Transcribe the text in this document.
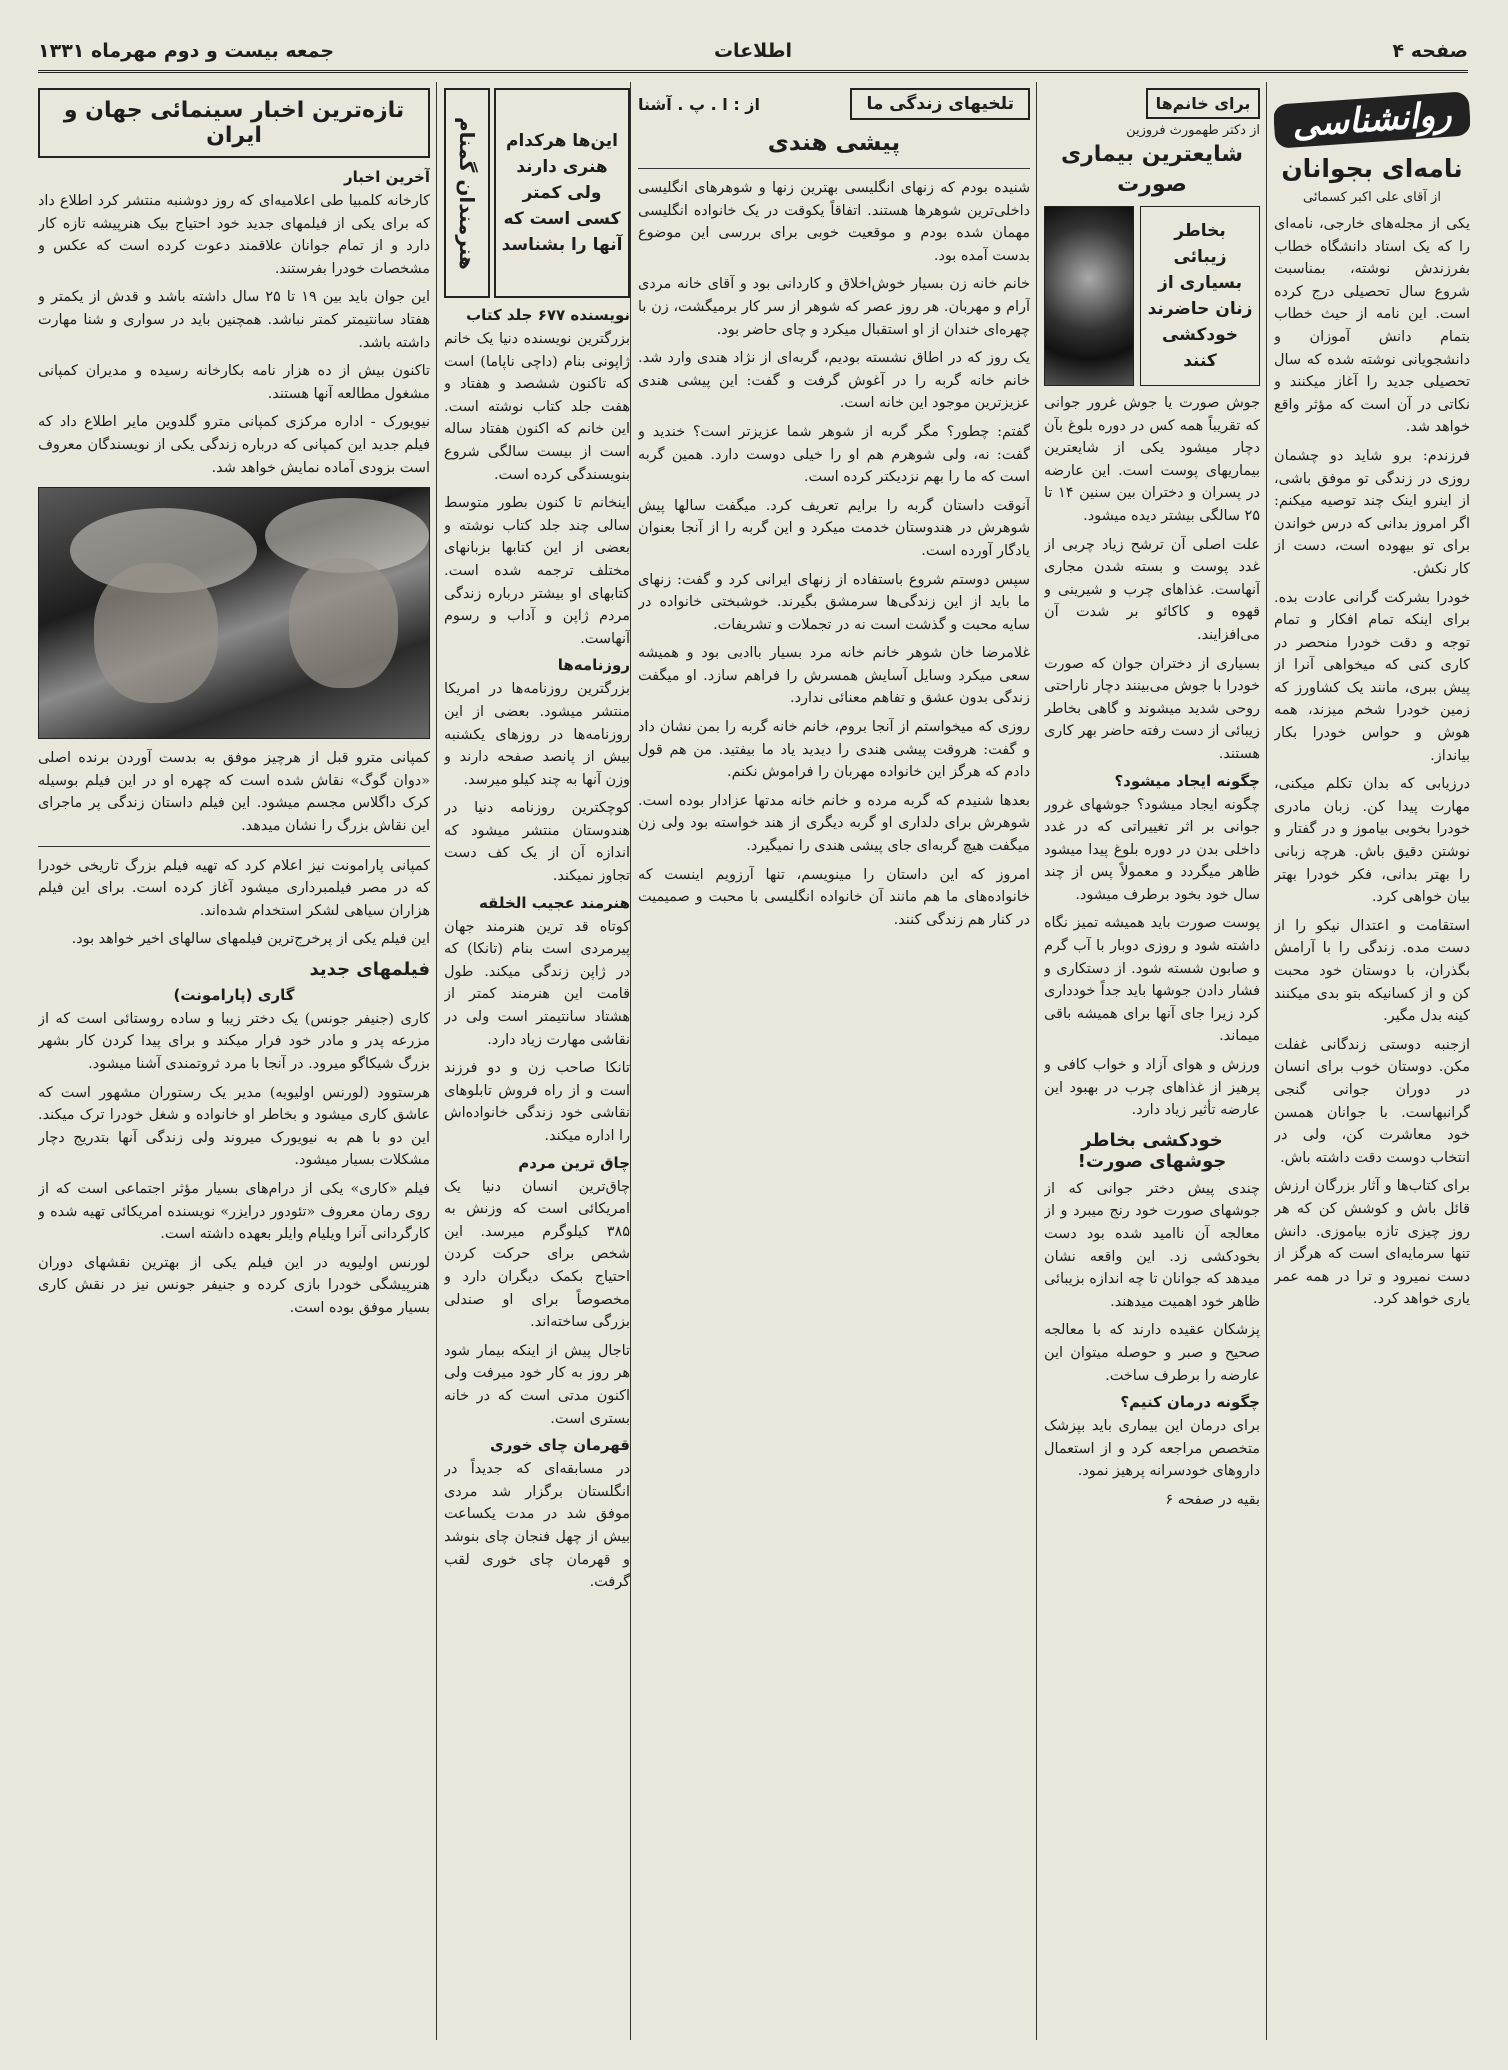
صفحه ۴
اطلاعات
جمعه بیست و دوم مهرماه ۱۳۳۱
روانشناسی
نامه‌ای بجوانان
از آقای علی اکبر کسمائی

یکی از مجله‌های خارجی، نامه‌ای را که یک استاد دانشگاه خطاب بفرزندش نوشته، بمناسبت شروع سال تحصیلی درج کرده است. این نامه از حیث خطاب بتمام دانش آموزان و دانشجویانی نوشته شده که سال تحصیلی جدید را آغاز میکنند و نکاتی در آن است که مؤثر واقع خواهد شد.

فرزندم: برو شاید دو چشمان روزی در زندگی تو موفق باشی، از اینرو اینک چند توصیه میکنم: اگر امروز بدانی که درس خواندن برای تو بیهوده است، دست از کار نکش.

خودرا بشرکت گرانی عادت بده. برای اینکه تمام افکار و تمام توجه و دقت خودرا منحصر در کاری کنی که میخواهی آنرا از پیش ببری، مانند یک کشاورز که زمین خودرا شخم میزند، همه هوش و حواس خودرا بکار بیانداز.

درزیابی که بدان تکلم میکنی، مهارت پیدا کن. زبان مادری خودرا بخوبی بیاموز و در گفتار و نوشتن دقیق باش. هرچه زبانی را بهتر بدانی، فکر خودرا بهتر بیان خواهی کرد.

استقامت و اعتدال نیکو را از دست مده. زندگی را با آرامش بگذران، با دوستان خود محبت کن و از کسانیکه بتو بدی میکنند کینه بدل مگیر.

ازجنبه دوستی زندگانی غفلت مکن. دوستان خوب برای انسان در دوران جوانی گنجی گرانبهاست. با جوانان همسن خود معاشرت کن، ولی در انتخاب دوست دقت داشته باش.

برای کتاب‌ها و آثار بزرگان ارزش قائل باش و کوشش کن که هر روز چیزی تازه بیاموزی. دانش تنها سرمایه‌ای است که هرگز از دست نمیرود و ترا در همه عمر یاری خواهد کرد.

برای خانم‌ها
از دکتر طهمورث فروزین
شایعترین بیماری صورت
بخاطر زیبائی بسیاری از زنان حاضرند خودکشی کنند

جوش صورت یا جوش غرور جوانی که تقریباً همه کس در دوره بلوغ بآن دچار میشود یکی از شایعترین بیماریهای پوست است. این عارضه در پسران و دختران بین سنین ۱۴ تا ۲۵ سالگی بیشتر دیده میشود.

علت اصلی آن ترشح زیاد چربی از غدد پوست و بسته شدن مجاری آنهاست. غذاهای چرب و شیرینی و قهوه و کاکائو بر شدت آن می‌افزایند.

بسیاری از دختران جوان که صورت خودرا با جوش می‌بینند دچار ناراحتی روحی شدید میشوند و گاهی بخاطر زیبائی از دست رفته حاضر بهر کاری هستند.

چگونه ایجاد میشود؟

چگونه ایجاد میشود؟ جوشهای غرور جوانی بر اثر تغییراتی که در غدد داخلی بدن در دوره بلوغ پیدا میشود ظاهر میگردد و معمولاً پس از چند سال خود بخود برطرف میشود.

پوست صورت باید همیشه تمیز نگاه داشته شود و روزی دوبار با آب گرم و صابون شسته شود. از دستکاری و فشار دادن جوشها باید جداً خودداری کرد زیرا جای آنها برای همیشه باقی میماند.

ورزش و هوای آزاد و خواب کافی و پرهیز از غذاهای چرب در بهبود این عارضه تأثیر زیاد دارد.

خودکشی بخاطر جوشهای صورت!

چندی پیش دختر جوانی که از جوشهای صورت خود رنج میبرد و از معالجه آن ناامید شده بود دست بخودکشی زد. این واقعه نشان میدهد که جوانان تا چه اندازه بزیبائی ظاهر خود اهمیت میدهند.

پزشکان عقیده دارند که با معالجه صحیح و صبر و حوصله میتوان این عارضه را برطرف ساخت.

چگونه درمان کنیم؟

برای درمان این بیماری باید بپزشک متخصص مراجعه کرد و از استعمال داروهای خودسرانه پرهیز نمود.

بقیه در صفحه ۶

تلخیهای زندگی ما
از : ا . پ . آشنا
پیشی هندی

شنیده بودم که زنهای انگلیسی بهترین زنها و شوهرهای انگلیسی داخلی‌ترین شوهرها هستند. اتفاقاً یکوقت در یک خانواده انگلیسی مهمان شده بودم و موقعیت خوبی برای بررسی این موضوع بدست آمده بود.

خانم خانه زن بسیار خوش‌اخلاق و کاردانی بود و آقای خانه مردی آرام و مهربان. هر روز عصر که شوهر از سر کار برمیگشت، زن با چهره‌ای خندان از او استقبال میکرد و چای حاضر بود.

یک روز که در اطاق نشسته بودیم، گربه‌ای از نژاد هندی وارد شد. خانم خانه گربه را در آغوش گرفت و گفت: این پیشی هندی عزیزترین موجود این خانه است.

گفتم: چطور؟ مگر گربه از شوهر شما عزیزتر است؟ خندید و گفت: نه، ولی شوهرم هم او را خیلی دوست دارد. همین گربه است که ما را بهم نزدیکتر کرده است.

آنوقت داستان گربه را برایم تعریف کرد. میگفت سالها پیش شوهرش در هندوستان خدمت میکرد و این گربه را از آنجا بعنوان یادگار آورده است.

سپس دوستم شروع باستفاده از زنهای ایرانی کرد و گفت: زنهای ما باید از این زندگی‌ها سرمشق بگیرند. خوشبختی خانواده در سایه محبت و گذشت است نه در تجملات و تشریفات.

غلامرضا خان شوهر خانم خانه مرد بسیار باادبی بود و همیشه سعی میکرد وسایل آسایش همسرش را فراهم سازد. او میگفت زندگی بدون عشق و تفاهم معنائی ندارد.

روزی که میخواستم از آنجا بروم، خانم خانه گربه را بمن نشان داد و گفت: هروقت پیشی هندی را دیدید یاد ما بیفتید. من هم قول دادم که هرگز این خانواده مهربان را فراموش نکنم.

بعدها شنیدم که گربه مرده و خانم خانه مدتها عزادار بوده است. شوهرش برای دلداری او گربه دیگری از هند خواسته بود ولی زن میگفت هیچ گربه‌ای جای پیشی هندی را نمیگیرد.

امروز که این داستان را مینویسم، تنها آرزویم اینست که خانواده‌های ما هم مانند آن خانواده انگلیسی با محبت و صمیمیت در کنار هم زندگی کنند.

این‌ها هرکدام هنری دارند ولی کمتر کسی است که آنها را بشناسد
هنرمندان گمنام
نویسنده ۶۷۷ جلد کتاب

بزرگترین نویسنده دنیا یک خانم ژاپونی بنام (داچی ناپاما) است که تاکنون ششصد و هفتاد و هفت جلد کتاب نوشته است. این خانم که اکنون هفتاد ساله است از بیست سالگی شروع بنویسندگی کرده است.

اینخانم تا کنون بطور متوسط سالی چند جلد کتاب نوشته و بعضی از این کتابها بزبانهای مختلف ترجمه شده است. کتابهای او بیشتر درباره زندگی مردم ژاپن و آداب و رسوم آنهاست.

روزنامه‌ها

بزرگترین روزنامه‌ها در امریکا منتشر میشود. بعضی از این روزنامه‌ها در روزهای یکشنبه بیش از پانصد صفحه دارند و وزن آنها به چند کیلو میرسد.

کوچکترین روزنامه دنیا در هندوستان منتشر میشود که اندازه آن از یک کف دست تجاوز نمیکند.

هنرمند عجیب الخلقه

کوتاه قد ترین هنرمند جهان پیرمردی است بنام (تانکا) که در ژاپن زندگی میکند. طول قامت این هنرمند کمتر از هشتاد سانتیمتر است ولی در نقاشی مهارت زیاد دارد.

تانکا صاحب زن و دو فرزند است و از راه فروش تابلوهای نقاشی خود زندگی خانواده‌اش را اداره میکند.

چاق ترین مردم

چاق‌ترین انسان دنیا یک امریکائی است که وزنش به ۳۸۵ کیلوگرم میرسد. این شخص برای حرکت کردن احتیاج بکمک دیگران دارد و مخصوصاً برای او صندلی بزرگی ساخته‌اند.

تاجال پیش از اینکه بیمار شود هر روز به کار خود میرفت ولی اکنون مدتی است که در خانه بستری است.

قهرمان چای خوری

در مسابقه‌ای که جدیداً در انگلستان برگزار شد مردی موفق شد در مدت یکساعت بیش از چهل فنجان چای بنوشد و قهرمان چای خوری لقب گرفت.

تازه‌ترین اخبار سینمائی جهان و ایران
آخرین اخبار

کارخانه کلمبیا طی اعلامیه‌ای که روز دوشنبه منتشر کرد اطلاع داد که برای یکی از فیلمهای جدید خود احتیاج بیک هنرپیشه تازه کار دارد و از تمام جوانان علاقمند دعوت کرده است که عکس و مشخصات خودرا بفرستند.

این جوان باید بین ۱۹ تا ۲۵ سال داشته باشد و قدش از یکمتر و هفتاد سانتیمتر کمتر نباشد. همچنین باید در سواری و شنا مهارت داشته باشد.

تاکنون بیش از ده هزار نامه بکارخانه رسیده و مدیران کمپانی مشغول مطالعه آنها هستند.

نیویورک - اداره مرکزی کمپانی مترو گلدوین مایر اطلاع داد که فیلم جدید این کمپانی که درباره زندگی یکی از نویسندگان معروف است بزودی آماده نمایش خواهد شد.

کمپانی مترو قبل از هرچیز موفق به بدست آوردن برنده اصلی «دوان گوگ» نقاش شده است که چهره او در این فیلم بوسیله کرک داگلاس مجسم میشود. این فیلم داستان زندگی پر ماجرای این نقاش بزرگ را نشان میدهد.

کمپانی پارامونت نیز اعلام کرد که تهیه فیلم بزرگ تاریخی خودرا که در مصر فیلمبرداری میشود آغاز کرده است. برای این فیلم هزاران سیاهی لشکر استخدام شده‌اند.

این فیلم یکی از پرخرج‌ترین فیلمهای سالهای اخیر خواهد بود.

فیلمهای جدید
گاری (پارامونت)

کاری (جنیفر جونس) یک دختر زیبا و ساده روستائی است که از مزرعه پدر و مادر خود فرار میکند و برای پیدا کردن کار بشهر بزرگ شیکاگو میرود. در آنجا با مرد ثروتمندی آشنا میشود.

هرستوود (لورنس اولیویه) مدیر یک رستوران مشهور است که عاشق کاری میشود و بخاطر او خانواده و شغل خودرا ترک میکند. این دو با هم به نیویورک میروند ولی زندگی آنها بتدریج دچار مشکلات بسیار میشود.

فیلم «کاری» یکی از درام‌های بسیار مؤثر اجتماعی است که از روی رمان معروف «تئودور درایزر» نویسنده امریکائی تهیه شده و کارگردانی آنرا ویلیام وایلر بعهده داشته است.

لورنس اولیویه در این فیلم یکی از بهترین نقشهای دوران هنرپیشگی خودرا بازی کرده و جنیفر جونس نیز در نقش کاری بسیار موفق بوده است.
